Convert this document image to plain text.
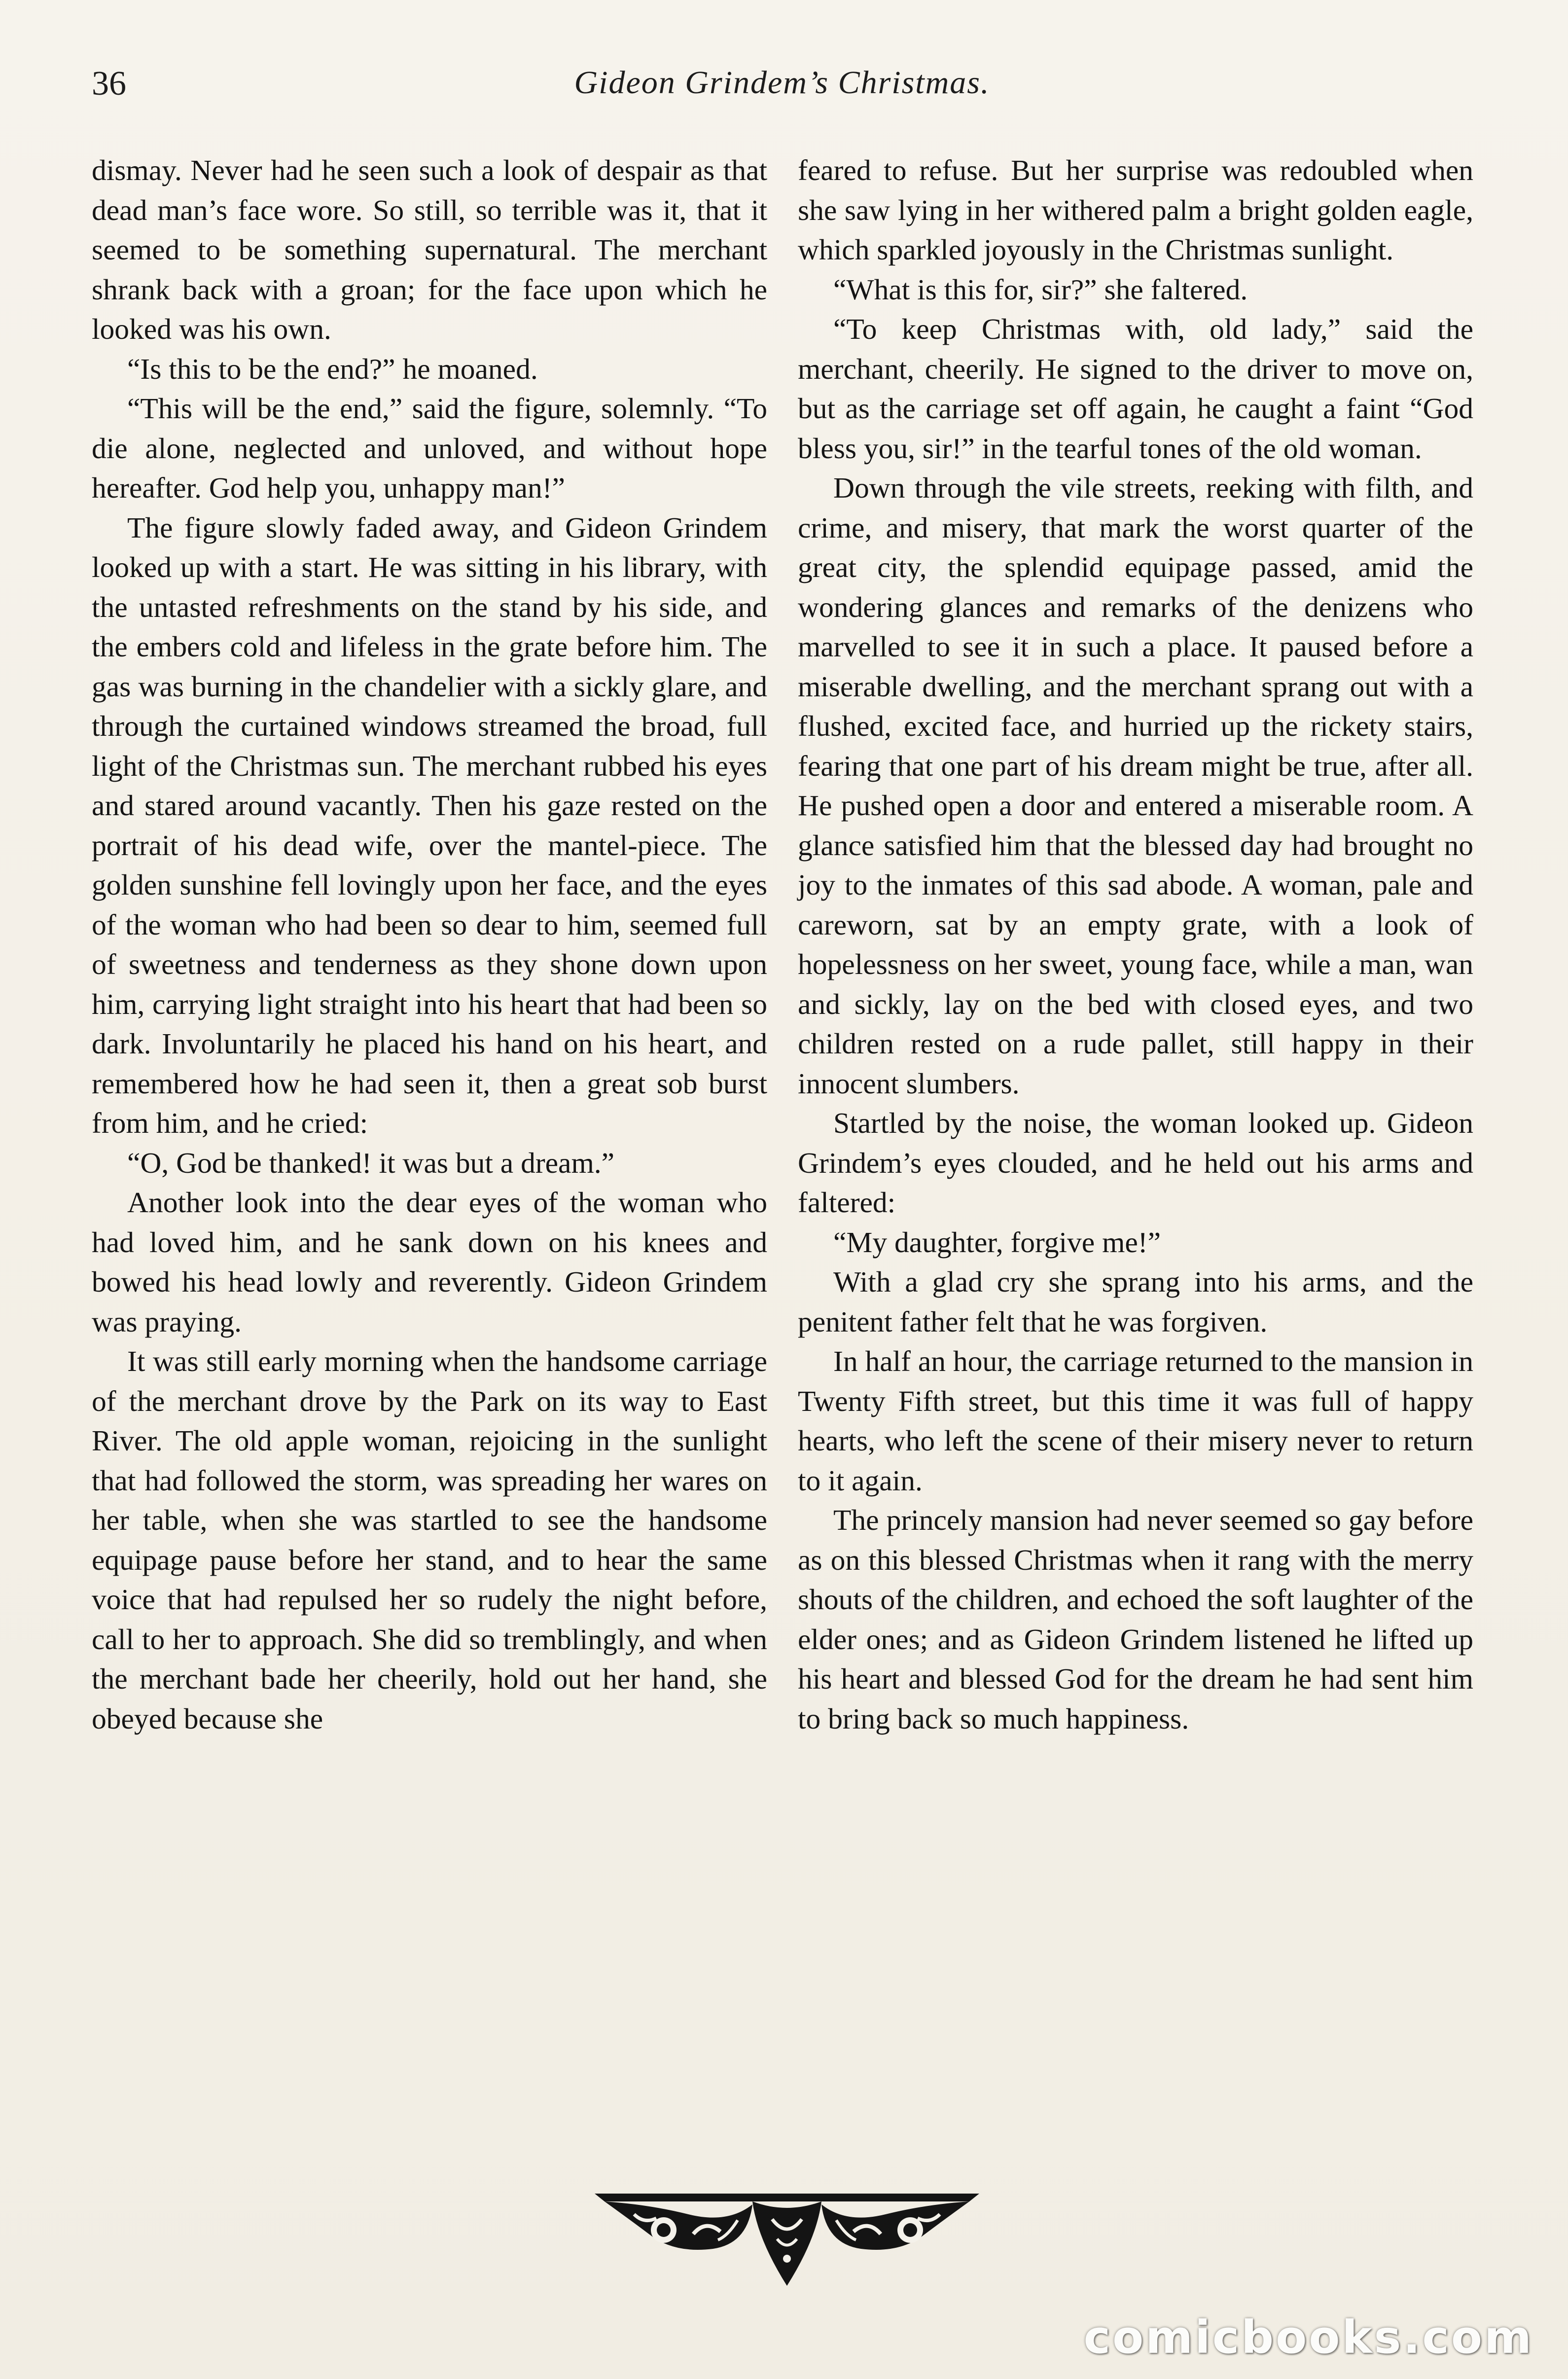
36	Gideon Grindem’s Christmas.

dismay. Never had he seen such a look of despair as that dead man’s face wore. So still, so terrible was it, that it seemed to be something supernatural. The merchant shrank back with a groan; for the face upon which he looked was his own.

“Is this to be the end?” he moaned.

“This will be the end,” said the figure, solemnly. “To die alone, neglected and unloved, and without hope hereafter. God help you, unhappy man!”

The figure slowly faded away, and Gideon Grindem looked up with a start. He was sitting in his library, with the untasted refreshments on the stand by his side, and the embers cold and lifeless in the grate before him. The gas was burning in the chandelier with a sickly glare, and through the curtained windows streamed the broad, full light of the Christmas sun. The merchant rubbed his eyes and stared around vacantly. Then his gaze rested on the portrait of his dead wife, over the mantel-piece. The golden sunshine fell lovingly upon her face, and the eyes of the woman who had been so dear to him, seemed full of sweetness and tenderness as they shone down upon him, carrying light straight into his heart that had been so dark. Involuntarily he placed his hand on his heart, and remembered how he had seen it, then a great sob burst from him, and he cried:

“O, God be thanked! it was but a dream.”

Another look into the dear eyes of the woman who had loved him, and he sank down on his knees and bowed his head lowly and reverently. Gideon Grindem was praying.

It was still early morning when the handsome carriage of the merchant drove by the Park on its way to East River. The old apple woman, rejoicing in the sunlight that had followed the storm, was spreading her wares on her table, when she was startled to see the handsome equipage pause before her stand, and to hear the same voice that had repulsed her so rudely the night before, call to her to approach. She did so tremblingly, and when the merchant bade her cheerily, hold out her hand, she obeyed because she

feared to refuse. But her surprise was redoubled when she saw lying in her withered palm a bright golden eagle, which sparkled joyously in the Christmas sunlight.

“What is this for, sir?” she faltered.

“To keep Christmas with, old lady,” said the merchant, cheerily. He signed to the driver to move on, but as the carriage set off again, he caught a faint “God bless you, sir!” in the tearful tones of the old woman.

Down through the vile streets, reeking with filth, and crime, and misery, that mark the worst quarter of the great city, the splendid equipage passed, amid the wondering glances and remarks of the denizens who marvelled to see it in such a place. It paused before a miserable dwelling, and the merchant sprang out with a flushed, excited face, and hurried up the rickety stairs, fearing that one part of his dream might be true, after all. He pushed open a door and entered a miserable room. A glance satisfied him that the blessed day had brought no joy to the inmates of this sad abode. A woman, pale and careworn, sat by an empty grate, with a look of hopelessness on her sweet, young face, while a man, wan and sickly, lay on the bed with closed eyes, and two children rested on a rude pallet, still happy in their innocent slumbers.

Startled by the noise, the woman looked up. Gideon Grindem’s eyes clouded, and he held out his arms and faltered:

“My daughter, forgive me!”

With a glad cry she sprang into his arms, and the penitent father felt that he was forgiven.

In half an hour, the carriage returned to the mansion in Twenty Fifth street, but this time it was full of happy hearts, who left the scene of their misery never to return to it again.

The princely mansion had never seemed so gay before as on this blessed Christmas when it rang with the merry shouts of the children, and echoed the soft laughter of the elder ones; and as Gideon Grindem listened he lifted up his heart and blessed God for the dream he had sent him to bring back so much happiness.

comicbooks.com
